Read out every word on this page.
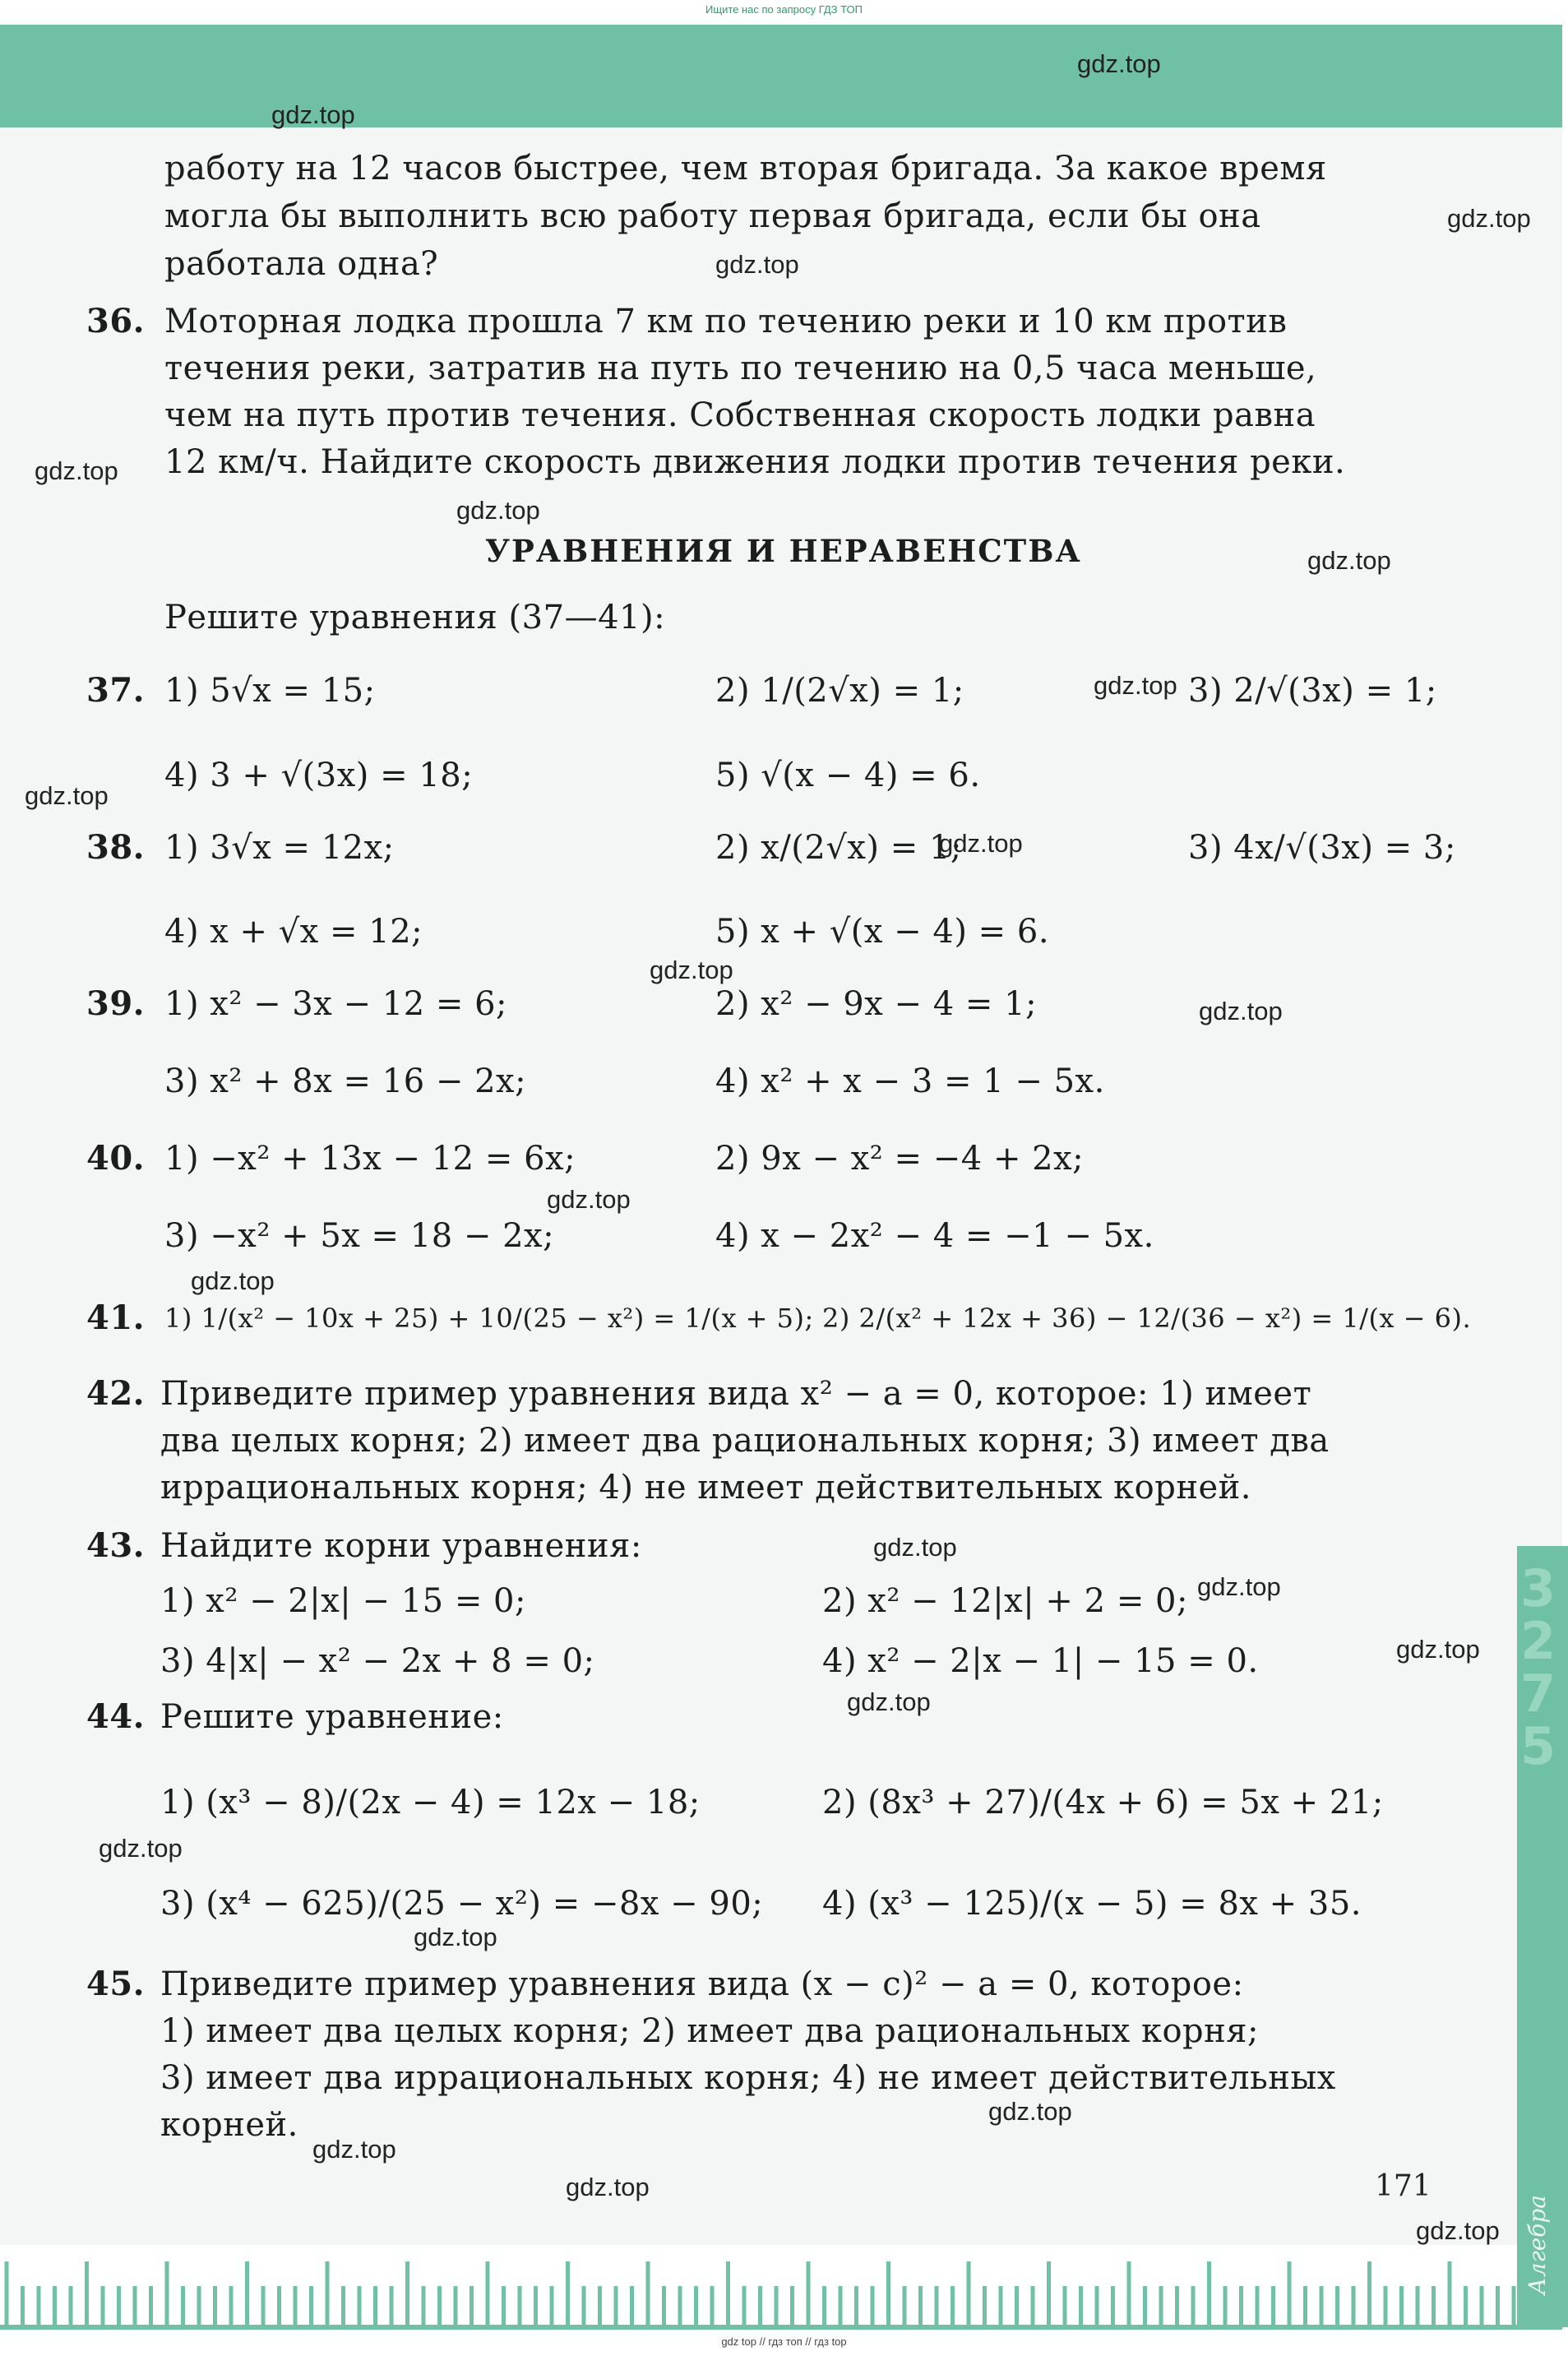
Ищите нас по запросу ГДЗ ТОП
3 2 7 5
Алгебра
работу на 12 часов быстрее, чем вторая бригада. За какое время
могла бы выполнить всю работу первая бригада, если бы она
работала одна?
36. Моторная лодка прошла 7 км по течению реки и 10 км против
течения реки, затратив на путь по течению на 0,5 часа меньше,
чем на путь против течения. Собственная скорость лодки равна
12 км/ч. Найдите скорость движения лодки против течения реки.
УРАВНЕНИЯ И НЕРАВЕНСТВА
Решите уравнения (37—41):
37. 1) 5√x = 15;	2) 1/(2√x) = 1;	3) 2/√(3x) = 1;
4) 3 + √(3x) = 18;	5) √(x − 4) = 6.
38. 1) 3√x = 12x;	2) x/(2√x) = 1;	3) 4x/√(3x) = 3;
4) x + √x = 12;	5) x + √(x − 4) = 6.
39. 1) x² − 3x − 12 = 6;	2) x² − 9x − 4 = 1;
3) x² + 8x = 16 − 2x;	4) x² + x − 3 = 1 − 5x.
40. 1) −x² + 13x − 12 = 6x;	2) 9x − x² = −4 + 2x;
3) −x² + 5x = 18 − 2x;	4) x − 2x² − 4 = −1 − 5x.
41. 1) 1/(x² − 10x + 25) + 10/(25 − x²) = 1/(x + 5); 2) 2/(x² + 12x + 36) − 12/(36 − x²) = 1/(x − 6).
42. Приведите пример уравнения вида x² − a = 0, которое: 1) имеет
два целых корня; 2) имеет два рациональных корня; 3) имеет два
иррациональных корня; 4) не имеет действительных корней.
43. Найдите корни уравнения:
1) x² − 2|x| − 15 = 0;	2) x² − 12|x| + 2 = 0;
3) 4|x| − x² − 2x + 8 = 0;	4) x² − 2|x − 1| − 15 = 0.
44. Решите уравнение:
1) (x³ − 8)/(2x − 4) = 12x − 18;	2) (8x³ + 27)/(4x + 6) = 5x + 21;
3) (x⁴ − 625)/(25 − x²) = −8x − 90; 4) (x³ − 125)/(x − 5) = 8x + 35.
45. Приведите пример уравнения вида (x − c)² − a = 0, которое:
1) имеет два целых корня; 2) имеет два рациональных корня;
3) имеет два иррациональных корня; 4) не имеет действительных
корней.
171
gdz.top
gdz.top
gdz.top
gdz.top
gdz.top
gdz.top
gdz.top
gdz.top
gdz.top
gdz.top
gdz.top
gdz.top
gdz.top
gdz.top
gdz.top
gdz.top
gdz.top
gdz.top
gdz.top
gdz.top
gdz.top
gdz.top
gdz.top
gdz.top
gdz top // гдз топ // гдз top
